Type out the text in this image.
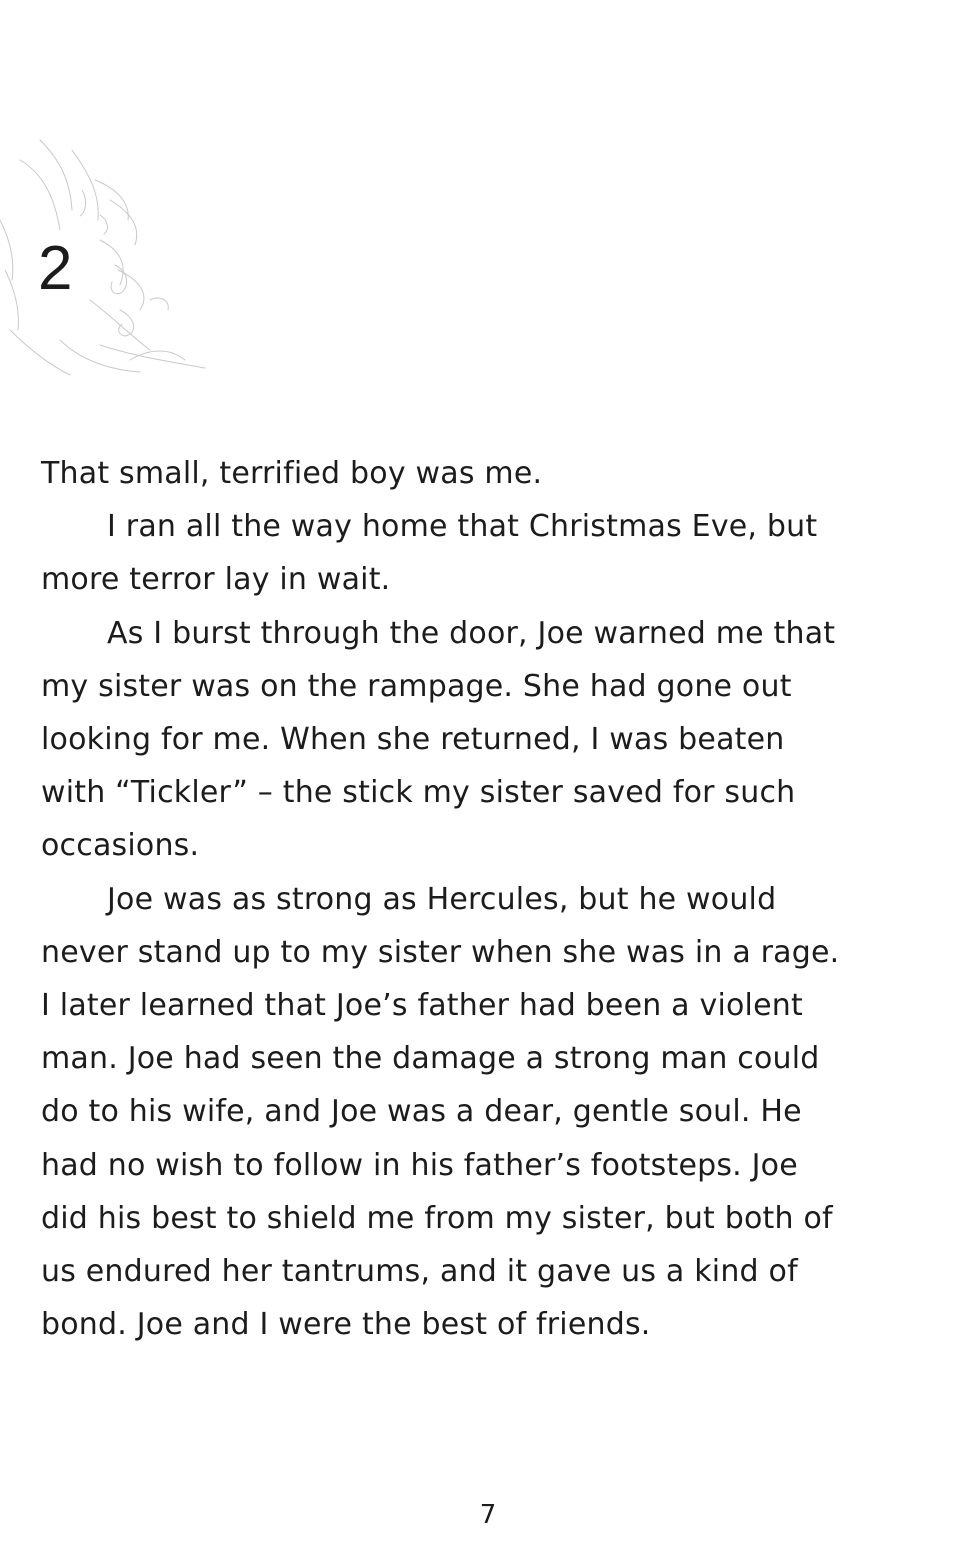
2

That small, terrified boy was me.

I ran all the way home that Christmas Eve, but
more terror lay in wait.

As I burst through the door, Joe warned me that
my sister was on the rampage. She had gone out
looking for me. When she returned, I was beaten
with “Tickler” – the stick my sister saved for such
occasions.

Joe was as strong as Hercules, but he would
never stand up to my sister when she was in a rage.
I later learned that Joe’s father had been a violent
man. Joe had seen the damage a strong man could
do to his wife, and Joe was a dear, gentle soul. He
had no wish to follow in his father’s footsteps. Joe
did his best to shield me from my sister, but both of
us endured her tantrums, and it gave us a kind of
bond. Joe and I were the best of friends.

7
